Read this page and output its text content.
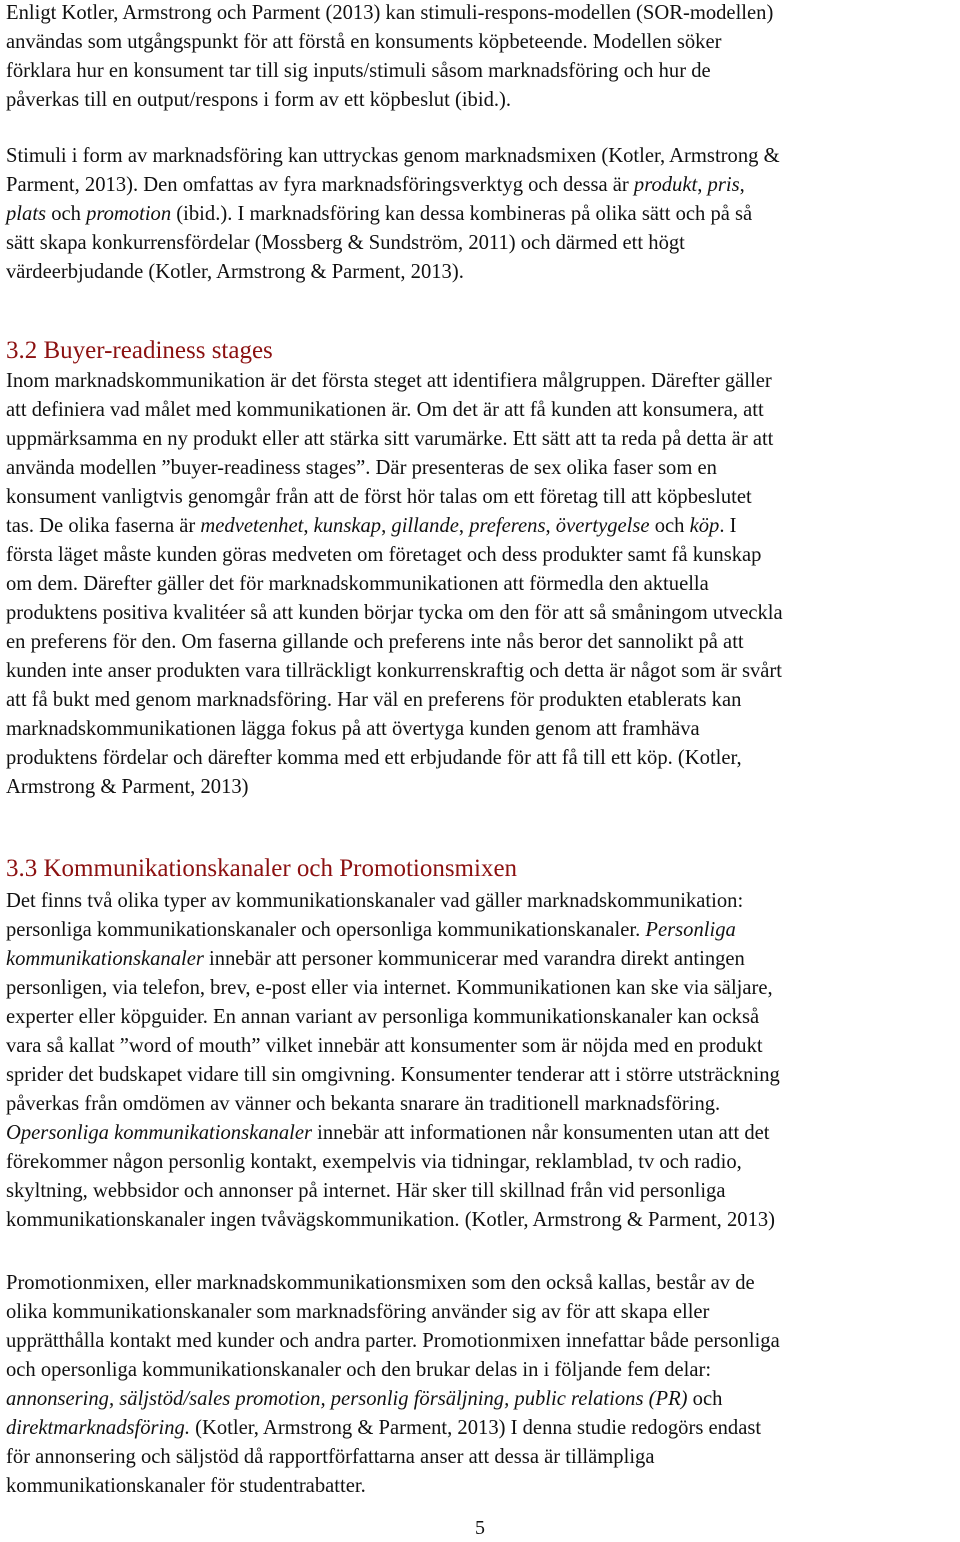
Enligt Kotler, Armstrong och Parment (2013) kan stimuli-respons-modellen (SOR-modellen)
användas som utgångspunkt för att förstå en konsuments köpbeteende. Modellen söker
förklara hur en konsument tar till sig inputs/stimuli såsom marknadsföring och hur de
påverkas till en output/respons i form av ett köpbeslut (ibid.).
Stimuli i form av marknadsföring kan uttryckas genom marknadsmixen (Kotler, Armstrong &
Parment, 2013). Den omfattas av fyra marknadsföringsverktyg och dessa är produkt, pris,
plats och promotion (ibid.). I marknadsföring kan dessa kombineras på olika sätt och på så
sätt skapa konkurrensfördelar (Mossberg & Sundström, 2011) och därmed ett högt
värdeerbjudande (Kotler, Armstrong & Parment, 2013).
3.2 Buyer-readiness stages
Inom marknadskommunikation är det första steget att identifiera målgruppen. Därefter gäller
att definiera vad målet med kommunikationen är. Om det är att få kunden att konsumera, att
uppmärksamma en ny produkt eller att stärka sitt varumärke. Ett sätt att ta reda på detta är att
använda modellen ”buyer-readiness stages”. Där presenteras de sex olika faser som en
konsument vanligtvis genomgår från att de först hör talas om ett företag till att köpbeslutet
tas. De olika faserna är medvetenhet, kunskap, gillande, preferens, övertygelse och köp. I
första läget måste kunden göras medveten om företaget och dess produkter samt få kunskap
om dem. Därefter gäller det för marknadskommunikationen att förmedla den aktuella
produktens positiva kvalitéer så att kunden börjar tycka om den för att så småningom utveckla
en preferens för den. Om faserna gillande och preferens inte nås beror det sannolikt på att
kunden inte anser produkten vara tillräckligt konkurrenskraftig och detta är något som är svårt
att få bukt med genom marknadsföring. Har väl en preferens för produkten etablerats kan
marknadskommunikationen lägga fokus på att övertyga kunden genom att framhäva
produktens fördelar och därefter komma med ett erbjudande för att få till ett köp. (Kotler,
Armstrong & Parment, 2013)
3.3 Kommunikationskanaler och Promotionsmixen
Det finns två olika typer av kommunikationskanaler vad gäller marknadskommunikation:
personliga kommunikationskanaler och opersonliga kommunikationskanaler. Personliga
kommunikationskanaler innebär att personer kommunicerar med varandra direkt antingen
personligen, via telefon, brev, e-post eller via internet. Kommunikationen kan ske via säljare,
experter eller köpguider. En annan variant av personliga kommunikationskanaler kan också
vara så kallat ”word of mouth” vilket innebär att konsumenter som är nöjda med en produkt
sprider det budskapet vidare till sin omgivning. Konsumenter tenderar att i större utsträckning
påverkas från omdömen av vänner och bekanta snarare än traditionell marknadsföring.
Opersonliga kommunikationskanaler innebär att informationen når konsumenten utan att det
förekommer någon personlig kontakt, exempelvis via tidningar, reklamblad, tv och radio,
skyltning, webbsidor och annonser på internet. Här sker till skillnad från vid personliga
kommunikationskanaler ingen tvåvägskommunikation. (Kotler, Armstrong & Parment, 2013)
Promotionmixen, eller marknadskommunikationsmixen som den också kallas, består av de
olika kommunikationskanaler som marknadsföring använder sig av för att skapa eller
upprätthålla kontakt med kunder och andra parter. Promotionmixen innefattar både personliga
och opersonliga kommunikationskanaler och den brukar delas in i följande fem delar:
annonsering, säljstöd/sales promotion, personlig försäljning, public relations (PR) och
direktmarknadsföring. (Kotler, Armstrong & Parment, 2013) I denna studie redogörs endast
för annonsering och säljstöd då rapportförfattarna anser att dessa är tillämpliga
kommunikationskanaler för studentrabatter.
5
